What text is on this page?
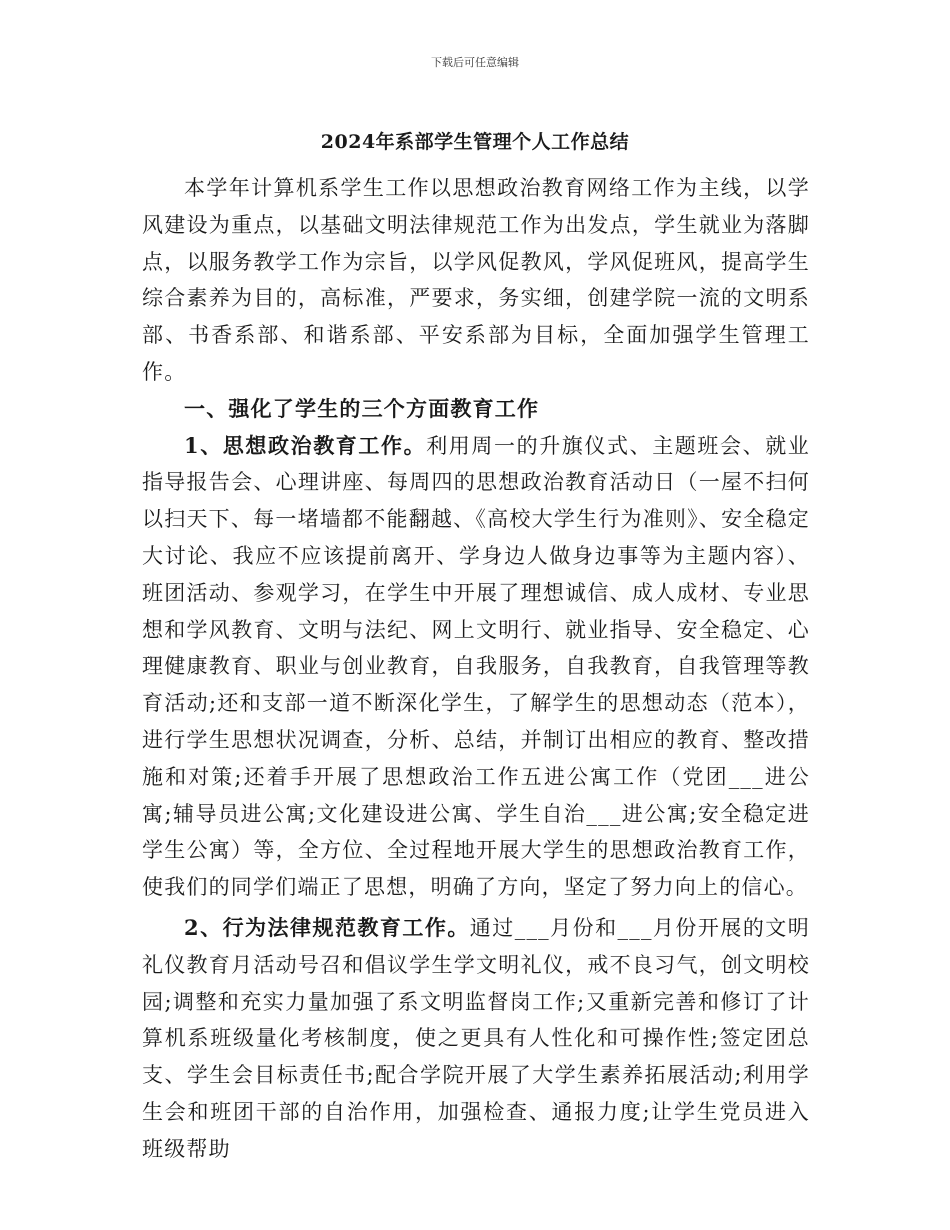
下载后可任意编辑
2024年系部学生管理个人工作总结

本学年计算机系学生工作以思想政治教育网络工作为主线，以学风建设为重点，以基础文明法律规范工作为出发点，学生就业为落脚点，以服务教学工作为宗旨，以学风促教风，学风促班风，提高学生综合素养为目的，高标准，严要求，务实细，创建学院一流的文明系部、书香系部、和谐系部、平安系部为目标，全面加强学生管理工作。

一、强化了学生的三个方面教育工作

1、思想政治教育工作。利用周一的升旗仪式、主题班会、就业指导报告会、心理讲座、每周四的思想政治教育活动日（一屋不扫何以扫天下、每一堵墙都不能翻越、《高校大学生行为准则》、安全稳定大讨论、我应不应该提前离开、学身边人做身边事等为主题内容）、班团活动、参观学习，在学生中开展了理想诚信、成人成材、专业思想和学风教育、文明与法纪、网上文明行、就业指导、安全稳定、心理健康教育、职业与创业教育，自我服务，自我教育，自我管理等教育活动;还和支部一道不断深化学生，了解学生的思想动态（范本），进行学生思想状况调查，分析、总结，并制订出相应的教育、整改措施和对策;还着手开展了思想政治工作五进公寓工作（党团___进公寓;辅导员进公寓;文化建设进公寓、学生自治___进公寓;安全稳定进学生公寓）等，全方位、全过程地开展大学生的思想政治教育工作，使我们的同学们端正了思想，明确了方向，坚定了努力向上的信心。

2、行为法律规范教育工作。通过___月份和___月份开展的文明礼仪教育月活动号召和倡议学生学文明礼仪，戒不良习气，创文明校园;调整和充实力量加强了系文明监督岗工作;又重新完善和修订了计算机系班级量化考核制度，使之更具有人性化和可操作性;签定团总支、学生会目标责任书;配合学院开展了大学生素养拓展活动;利用学生会和班团干部的自治作用，加强检查、通报力度;让学生党员进入班级帮助
